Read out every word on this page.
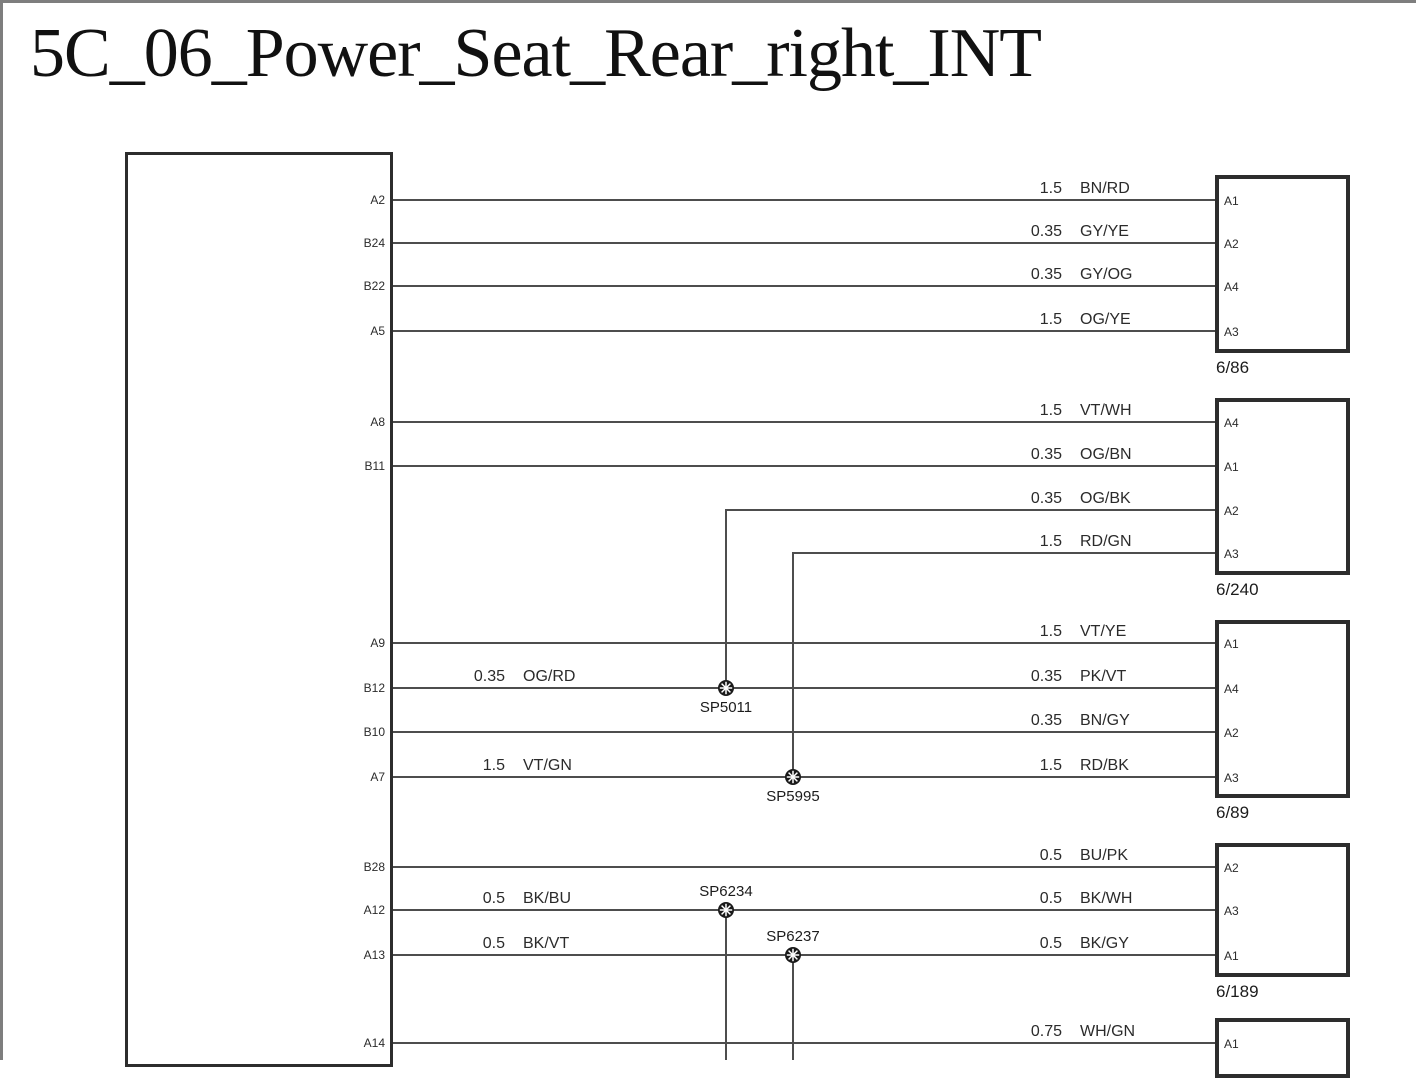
5C_06_Power_Seat_Rear_right_INT
A2
B24
B22
A5
A8
B11
A9
B12
B10
A7
B28
A12
A13
A14
1.5 BN/RD
0.35 GY/YE
0.35 GY/OG
1.5 OG/YE
1.5 VT/WH
0.35 OG/BN
0.35 OG/BK
1.5 RD/GN
1.5 VT/YE
0.35 PK/VT
0.35 BN/GY
1.5 RD/BK
0.5 BU/PK
0.5 BK/WH
0.5 BK/GY
0.75 WH/GN
0.35 OG/RD
1.5 VT/GN
0.5 BK/BU
0.5 BK/VT
SP5011
SP5995
SP6234
SP6237
6/86
6/240
6/89
6/189
A1
A2
A4
A3
A4
A1
A2
A3
A1
A4
A2
A3
A2
A3
A1
A1
